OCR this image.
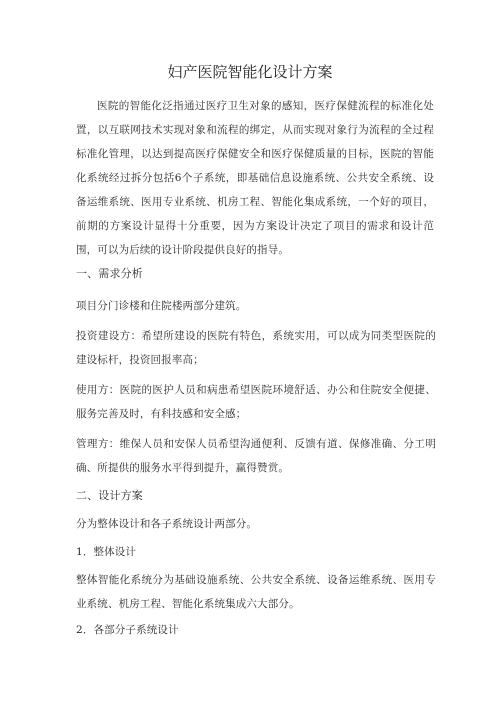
妇产医院智能化设计方案

医院的智能化泛指通过医疗卫生对象的感知，医疗保健流程的标准化处置，以互联网技术实现对象和流程的绑定，从而实现对象行为流程的全过程标准化管理，以达到提高医疗保健安全和医疗保健质量的目标，医院的智能化系统经过拆分包括6个子系统，即基础信息设施系统、公共安全系统、设备运维系统、医用专业系统、机房工程、智能化集成系统，一个好的项目，前期的方案设计显得十分重要，因为方案设计决定了项目的需求和设计范围，可以为后续的设计阶段提供良好的指导。

一、需求分析

项目分门诊楼和住院楼两部分建筑。

投资建设方：希望所建设的医院有特色，系统实用，可以成为同类型医院的建设标杆，投资回报率高；

使用方：医院的医护人员和病患希望医院环境舒适、办公和住院安全便捷、服务完善及时，有科技感和安全感；

管理方：维保人员和安保人员希望沟通便利、反馈有道、保修准确、分工明确、所提供的服务水平得到提升，赢得赞赏。

二、设计方案

分为整体设计和各子系统设计两部分。

1．整体设计

整体智能化系统分为基础设施系统、公共安全系统、设备运维系统、医用专业系统、机房工程、智能化系统集成六大部分。

2．各部分子系统设计
